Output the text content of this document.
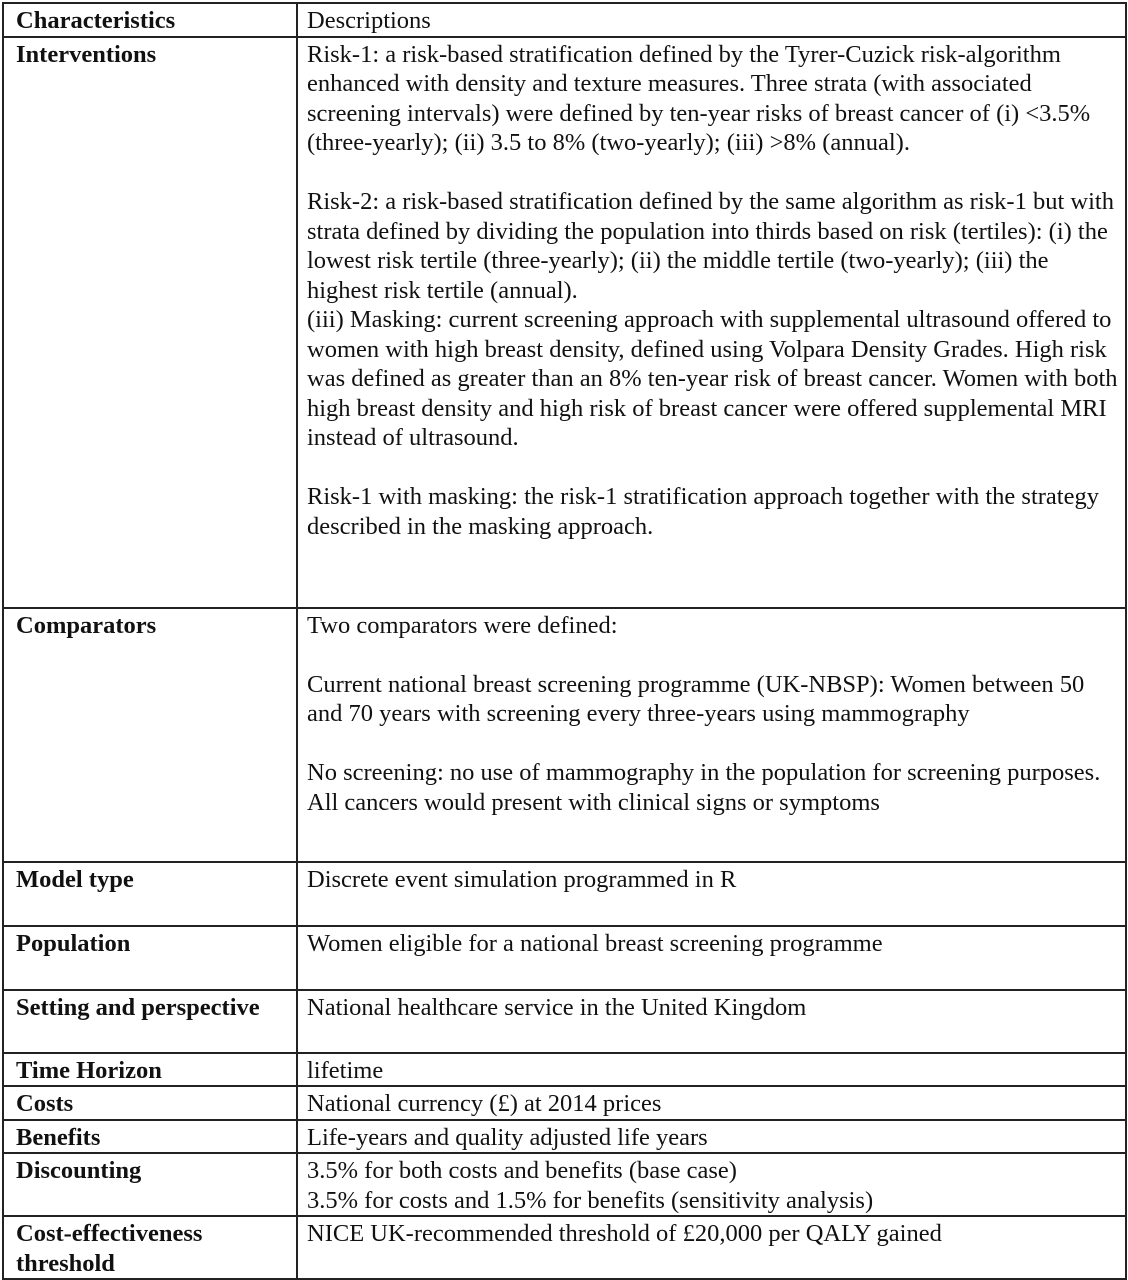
Characteristics	Descriptions
Interventions	Risk-1: a risk-based stratification defined by the Tyrer-Cuzick risk-algorithm enhanced with density and texture measures. Three strata (with associated screening intervals) were defined by ten-year risks of breast cancer of (i) <3.5% (three-yearly); (ii) 3.5 to 8% (two-yearly); (iii) >8% (annual).

Risk-2: a risk-based stratification defined by the same algorithm as risk-1 but with strata defined by dividing the population into thirds based on risk (tertiles): (i) the lowest risk tertile (three-yearly); (ii) the middle tertile (two-yearly); (iii) the highest risk tertile (annual).

(iii) Masking: current screening approach with supplemental ultrasound offered to women with high breast density, defined using Volpara Density Grades. High risk was defined as greater than an 8% ten-year risk of breast cancer. Women with both high breast density and high risk of breast cancer were offered supplemental MRI instead of ultrasound.

Risk-1 with masking: the risk-1 stratification approach together with the strategy described in the masking approach.

Comparators	Two comparators were defined:

Current national breast screening programme (UK-NBSP): Women between 50 and 70 years with screening every three-years using mammography

No screening: no use of mammography in the population for screening purposes. All cancers would present with clinical signs or symptoms

Model type	Discrete event simulation programmed in R
Population	Women eligible for a national breast screening programme
Setting and perspective	National healthcare service in the United Kingdom
Time Horizon	lifetime
Costs	National currency (£) at 2014 prices
Benefits	Life-years and quality adjusted life years
Discounting	3.5% for both costs and benefits (base case)

3.5% for costs and 1.5% for benefits (sensitivity analysis)

Cost-effectiveness threshold	NICE UK-recommended threshold of £20,000 per QALY gained
